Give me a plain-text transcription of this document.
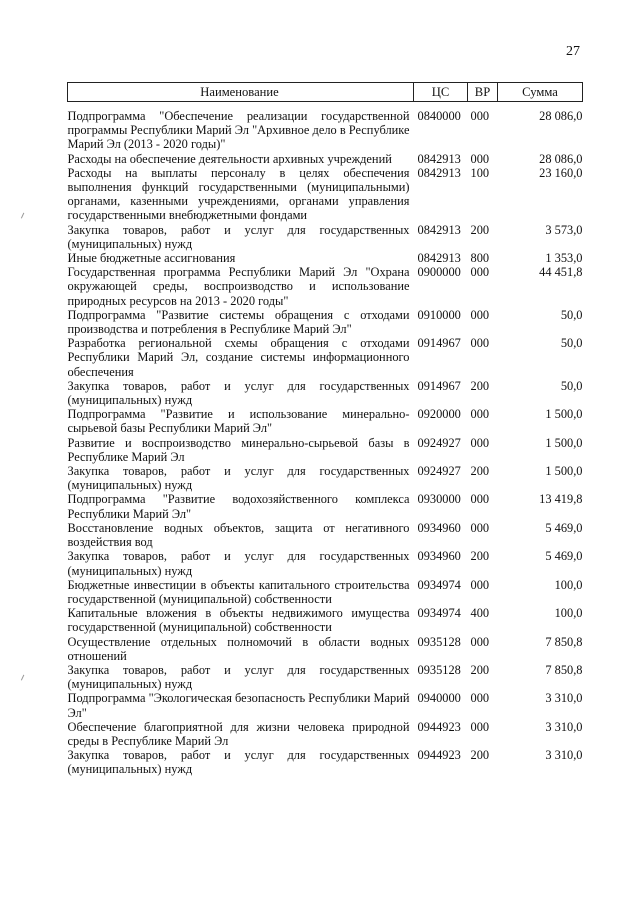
27
Наименование	ЦС	ВР	Сумма
Подпрограмма "Обеспечение реализации государственной программы Республики Марий Эл "Архивное дело в Республике Марий Эл (2013 - 2020 годы)"	0840000	000	28 086,0
Расходы на обеспечение деятельности архивных учреждений	0842913	000	28 086,0
Расходы на выплаты персоналу в целях обеспечения выполнения функций государственными (муниципальными) органами, казенными учреждениями, органами управления государственными внебюджетными фондами	0842913	100	23 160,0
Закупка товаров, работ и услуг для государственных (муниципальных) нужд	0842913	200	3 573,0
Иные бюджетные ассигнования	0842913	800	1 353,0
Государственная программа Республики Марий Эл "Охрана окружающей среды, воспроизводство и использование природных ресурсов на 2013 - 2020 годы"	0900000	000	44 451,8
Подпрограмма "Развитие системы обращения с отходами производства и потребления в Республике Марий Эл"	0910000	000	50,0
Разработка региональной схемы обращения с отходами Республики Марий Эл, создание системы информационного обеспечения	0914967	000	50,0
Закупка товаров, работ и услуг для государственных (муниципальных) нужд	0914967	200	50,0
Подпрограмма "Развитие и использование минерально-сырьевой базы Республики Марий Эл"	0920000	000	1 500,0
Развитие и воспроизводство минерально-сырьевой базы в Республике Марий Эл	0924927	000	1 500,0
Закупка товаров, работ и услуг для государственных (муниципальных) нужд	0924927	200	1 500,0
Подпрограмма "Развитие водохозяйственного комплекса Республики Марий Эл"	0930000	000	13 419,8
Восстановление водных объектов, защита от негативного воздействия вод	0934960	000	5 469,0
Закупка товаров, работ и услуг для государственных (муниципальных) нужд	0934960	200	5 469,0
Бюджетные инвестиции в объекты капитального строительства государственной (муниципальной) собственности	0934974	000	100,0
Капитальные вложения в объекты недвижимого имущества государственной (муниципальной) собственности	0934974	400	100,0
Осуществление отдельных полномочий в области водных отношений	0935128	000	7 850,8
Закупка товаров, работ и услуг для государственных (муниципальных) нужд	0935128	200	7 850,8
Подпрограмма "Экологическая безопасность Республики Марий Эл"	0940000	000	3 310,0
Обеспечение благоприятной для жизни человека природной среды в Республике Марий Эл	0944923	000	3 310,0
Закупка товаров, работ и услуг для государственных (муниципальных) нужд	0944923	200	3 310,0
